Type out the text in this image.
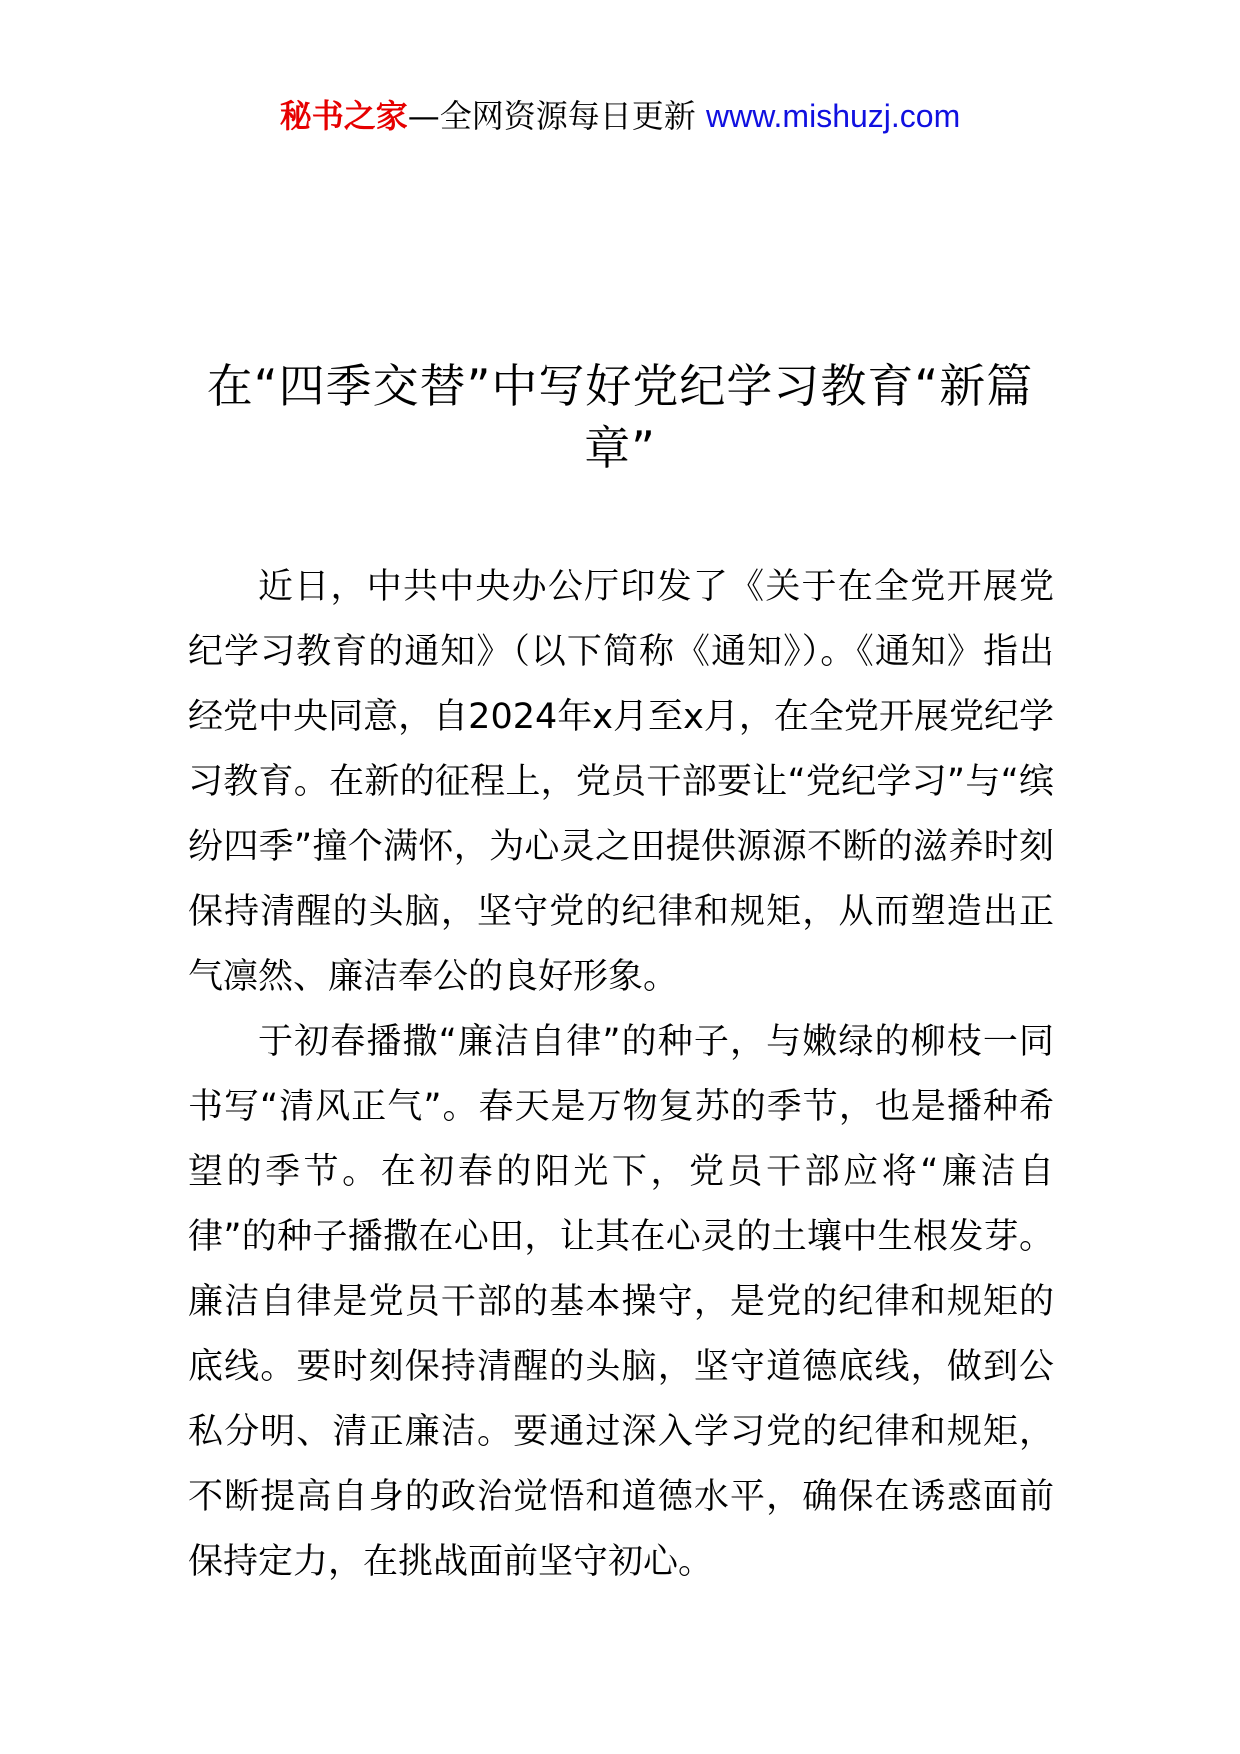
秘书之家—全网资源每日更新 www.mishuzj.com
在“四季交替”中写好党纪学习教育“新篇章”

近日，中共中央办公厅印发了《关于在全党开展党纪学习教育的通知》（以下简称《通知》）。《通知》指出经党中央同意，自2024年x月至x月，在全党开展党纪学习教育。在新的征程上，党员干部要让“党纪学习”与“缤纷四季”撞个满怀，为心灵之田提供源源不断的滋养时刻保持清醒的头脑，坚守党的纪律和规矩，从而塑造出正气凛然、廉洁奉公的良好形象。

于初春播撒“廉洁自律”的种子，与嫩绿的柳枝一同书写“清风正气”。春天是万物复苏的季节，也是播种希望的季节。在初春的阳光下，党员干部应将“廉洁自律”的种子播撒在心田，让其在心灵的土壤中生根发芽。廉洁自律是党员干部的基本操守，是党的纪律和规矩的底线。要时刻保持清醒的头脑，坚守道德底线，做到公私分明、清正廉洁。要通过深入学习党的纪律和规矩，不断提高自身的政治觉悟和道德水平，确保在诱惑面前保持定力，在挑战面前坚守初心。
